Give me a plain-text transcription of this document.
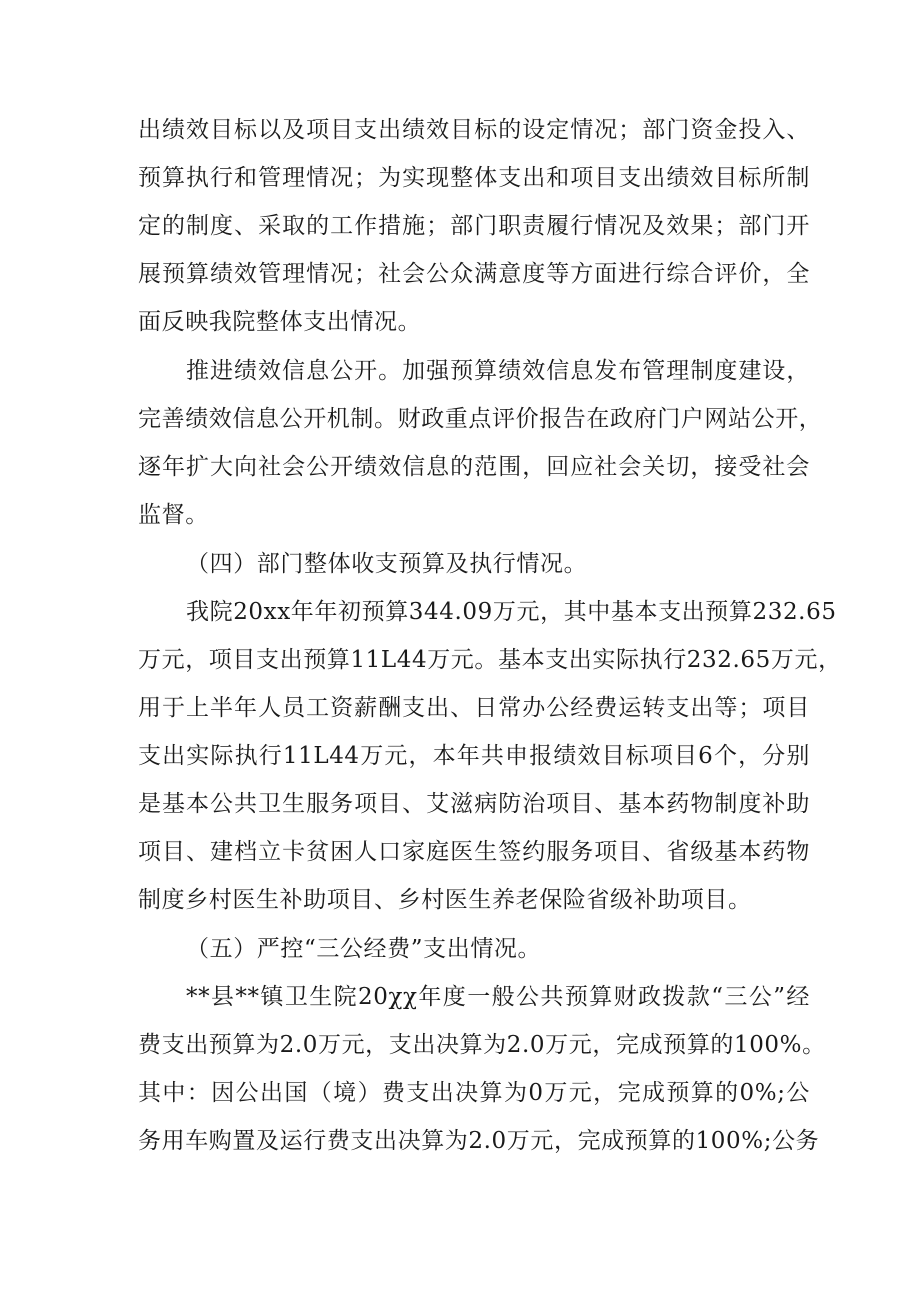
出绩效目标以及项目支出绩效目标的设定情况；部门资金投入、
预算执行和管理情况；为实现整体支出和项目支出绩效目标所制
定的制度、采取的工作措施；部门职责履行情况及效果；部门开
展预算绩效管理情况；社会公众满意度等方面进行综合评价，全
面反映我院整体支出情况。
推进绩效信息公开。加强预算绩效信息发布管理制度建设，
完善绩效信息公开机制。财政重点评价报告在政府门户网站公开，
逐年扩大向社会公开绩效信息的范围，回应社会关切，接受社会
监督。
（四）部门整体收支预算及执行情况。
我院20xx年年初预算344.09万元，其中基本支出预算232.65
万元，项目支出预算11L44万元。基本支出实际执行232.65万元，
用于上半年人员工资薪酬支出、日常办公经费运转支出等；项目
支出实际执行11L44万元，本年共申报绩效目标项目6个，分别
是基本公共卫生服务项目、艾滋病防治项目、基本药物制度补助
项目、建档立卡贫困人口家庭医生签约服务项目、省级基本药物
制度乡村医生补助项目、乡村医生养老保险省级补助项目。
（五）严控“三公经费”支出情况。
**县**镇卫生院20χχ年度一般公共预算财政拨款“三公”经
费支出预算为2.0万元，支出决算为2.0万元，完成预算的100%。
其中：因公出国（境）费支出决算为0万元，完成预算的0%;公
务用车购置及运行费支出决算为2.0万元，完成预算的100%;公务
